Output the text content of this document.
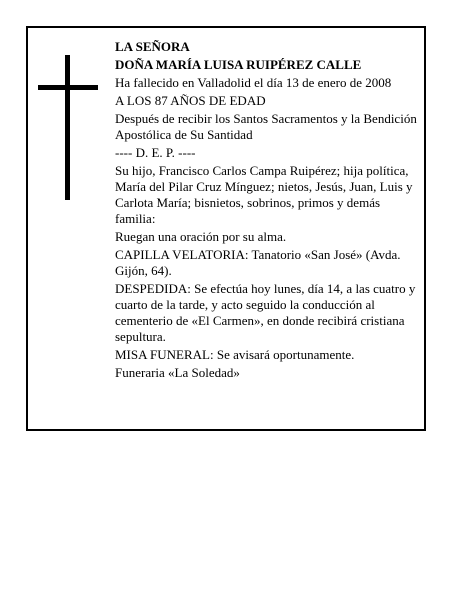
LA SEÑORA

DOÑA MARÍA LUISA RUIPÉREZ CALLE

Ha fallecido en Valladolid el día 13 de enero de 2008

A LOS 87 AÑOS DE EDAD

Después de recibir los Santos Sacramentos y la Bendición Apostólica de Su Santidad

---- D. E. P. ----

Su hijo, Francisco Carlos Campa Ruipérez; hija política, María del Pilar Cruz Mínguez; nietos, Jesús, Juan, Luis y Carlota María; bisnietos, sobrinos, primos y demás familia:

Ruegan una oración por su alma.

CAPILLA VELATORIA: Tanatorio «San José» (Avda. Gijón, 64).

DESPEDIDA: Se efectúa hoy lunes, día 14, a las cuatro y cuarto de la tarde, y acto seguido la conducción al cementerio de «El Carmen», en donde recibirá cristiana sepultura.

MISA FUNERAL: Se avisará oportunamente.

Funeraria «La Soledad»
